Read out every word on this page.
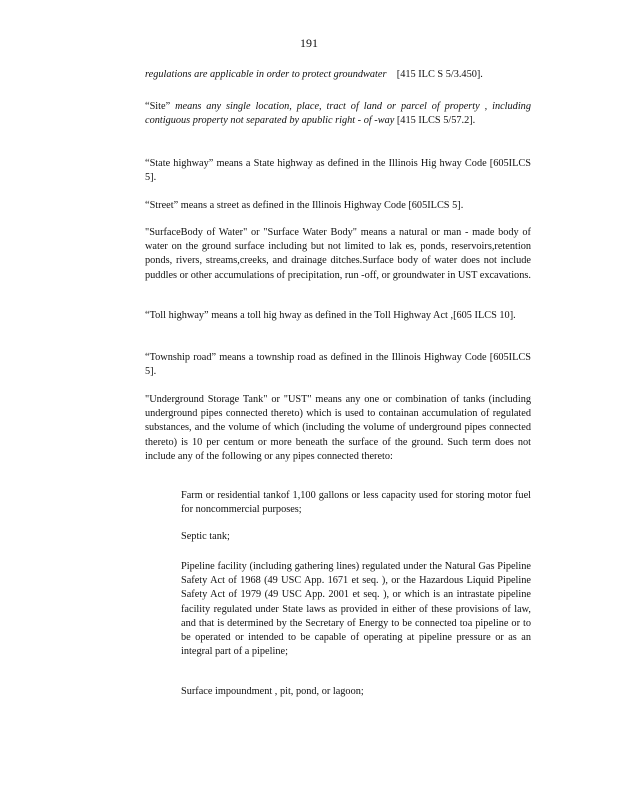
191

regulations are applicable in order to protect groundwater [415 ILC S 5/3.450].

“Site” means any single location, place, tract of land or parcel of property , including contiguous property not separated by apublic right - of -way [415 ILCS 5/57.2].

“State highway” means a State highway as defined in the Illinois Hig hway Code [605ILCS 5].

“Street” means a street as defined in the Illinois Highway Code [605ILCS 5].

"SurfaceBody of Water" or "Surface Water Body" means a natural or man - made body of water on the ground surface including but not limited to lak es, ponds, reservoirs,retention ponds, rivers, streams,creeks, and drainage ditches.Surface body of water does not include puddles or other accumulations of precipitation, run -off, or groundwater in UST excavations.

“Toll highway” means a toll hig hway as defined in the Toll Highway Act ,[605 ILCS 10].

“Township road” means a township road as defined in the Illinois Highway Code [605ILCS 5].

"Underground Storage Tank" or "UST" means any one or combination of tanks (including underground pipes connected thereto) which is used to containan accumulation of regulated substances, and the volume of which (including the volume of underground pipes connected thereto) is 10 per centum or more beneath the surface of the ground. Such term does not include any of the following or any pipes connected thereto:

Farm or residential tankof 1,100 gallons or less capacity used for storing motor fuel for noncommercial purposes;

Septic tank;

Pipeline facility (including gathering lines) regulated under the Natural Gas Pipeline Safety Act of 1968 (49 USC App. 1671 et seq. ), or the Hazardous Liquid Pipeline Safety Act of 1979 (49 USC App. 2001 et seq. ), or which is an intrastate pipeline facility regulated under State laws as provided in either of these provisions of law, and that is determined by the Secretary of Energy to be connected toa pipeline or to be operated or intended to be capable of operating at pipeline pressure or as an integral part of a pipeline;

Surface impoundment , pit, pond, or lagoon;
